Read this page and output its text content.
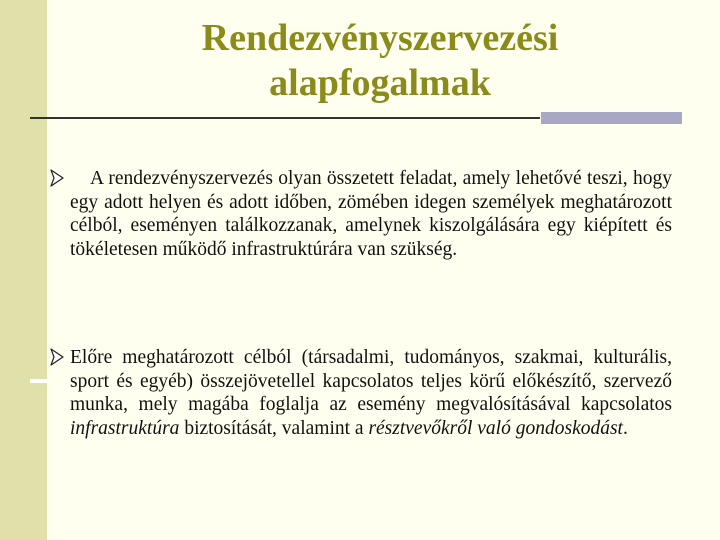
Rendezvényszervezési
alapfogalmak
A rendezvényszervezés olyan összetett feladat, amely lehetővé teszi, hogy egy adott helyen és adott időben, zömében idegen személyek meghatározott célból, eseményen találkozzanak, amelynek kiszolgálására egy kiépített és tökéletesen működő infrastruktúrára van szükség.
Előre meghatározott célból (társadalmi, tudományos, szakmai, kulturális, sport és egyéb) összejövetellel kapcsolatos teljes körű előkészítő, szervező munka, mely magába foglalja az esemény megvalósításával kapcsolatos infrastruktúra biztosítását, valamint a résztvevőkről való gondoskodást.
